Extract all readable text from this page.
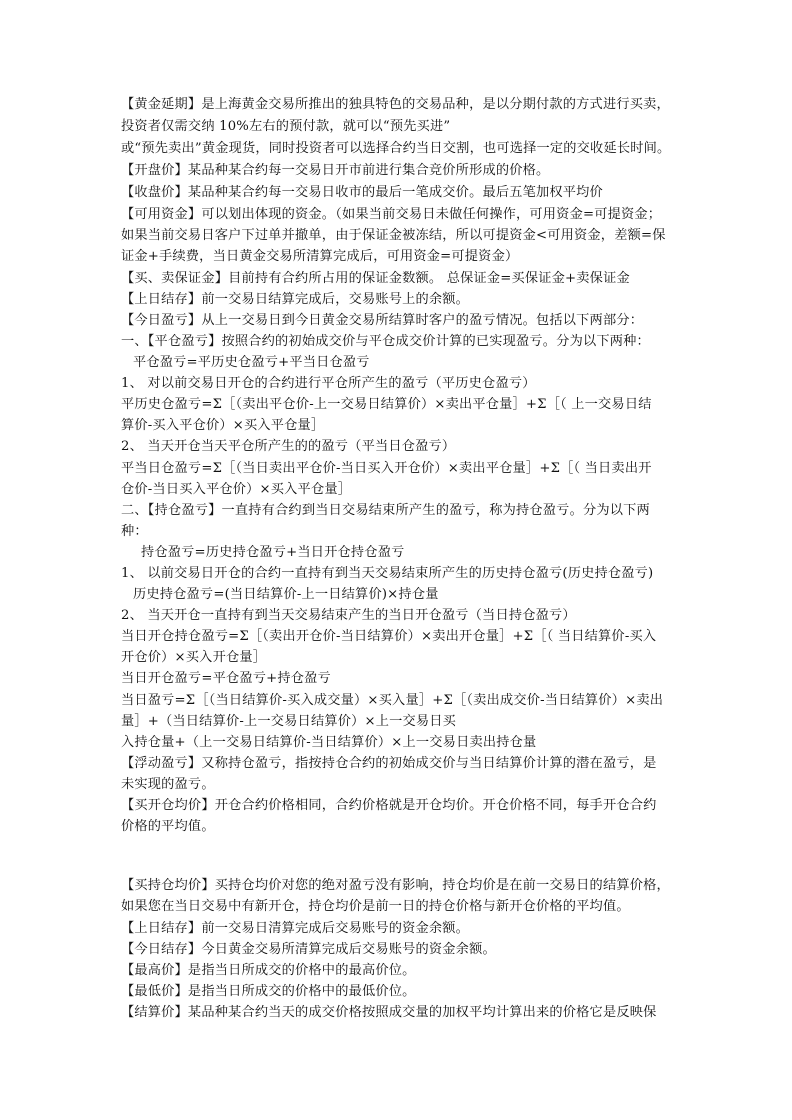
【黄金延期】是上海黄金交易所推出的独具特色的交易品种，是以分期付款的方式进行买卖，
投资者仅需交纳 10%左右的预付款，就可以“预先买进”
或“预先卖出”黄金现货，同时投资者可以选择合约当日交割，也可选择一定的交收延长时间。
【开盘价】某品种某合约每一交易日开市前进行集合竞价所形成的价格。
【收盘价】某品种某合约每一交易日收市的最后一笔成交价。最后五笔加权平均价
【可用资金】可以划出体现的资金。（如果当前交易日未做任何操作，可用资金=可提资金；
如果当前交易日客户下过单并撤单，由于保证金被冻结，所以可提资金<可用资金，差额=保
证金+手续费，当日黄金交易所清算完成后，可用资金=可提资金）
【买、卖保证金】目前持有合约所占用的保证金数额。 总保证金=买保证金+卖保证金
【上日结存】前一交易日结算完成后，交易账号上的余额。
【今日盈亏】从上一交易日到今日黄金交易所结算时客户的盈亏情况。包括以下两部分：
一、【平仓盈亏】按照合约的初始成交价与平仓成交价计算的已实现盈亏。分为以下两种：
平仓盈亏=平历史仓盈亏+平当日仓盈亏
1、 对以前交易日开仓的合约进行平仓所产生的盈亏（平历史仓盈亏）
平历史仓盈亏=Σ［（卖出平仓价-上一交易日结算价）×卖出平仓量］+Σ［（ 上一交易日结
算价-买入平仓价）×买入平仓量］
2、 当天开仓当天平仓所产生的的盈亏（平当日仓盈亏）
平当日仓盈亏=Σ［（当日卖出平仓价-当日买入开仓价）×卖出平仓量］+Σ［（ 当日卖出开
仓价-当日买入平仓价）×买入平仓量］
二、【持仓盈亏】一直持有合约到当日交易结束所产生的盈亏，称为持仓盈亏。分为以下两
种：
持仓盈亏=历史持仓盈亏+当日开仓持仓盈亏
1、 以前交易日开仓的合约一直持有到当天交易结束所产生的历史持仓盈亏(历史持仓盈亏)
历史持仓盈亏=(当日结算价-上一日结算价)×持仓量
2、 当天开仓一直持有到当天交易结束产生的当日开仓盈亏（当日持仓盈亏）
当日开仓持仓盈亏=Σ［（卖出开仓价-当日结算价）×卖出开仓量］+Σ［（ 当日结算价-买入
开仓价）×买入开仓量］
当日开仓盈亏=平仓盈亏+持仓盈亏
当日盈亏=Σ［（当日结算价-买入成交量）×买入量］+Σ［（卖出成交价-当日结算价）×卖出
量］+（当日结算价-上一交易日结算价）×上一交易日买
入持仓量+（上一交易日结算价-当日结算价）×上一交易日卖出持仓量
【浮动盈亏】又称持仓盈亏，指按持仓合约的初始成交价与当日结算价计算的潜在盈亏，是
未实现的盈亏。
【买开仓均价】开仓合约价格相同，合约价格就是开仓均价。开仓价格不同，每手开仓合约
价格的平均值。
【买持仓均价】买持仓均价对您的绝对盈亏没有影响，持仓均价是在前一交易日的结算价格，
如果您在当日交易中有新开仓，持仓均价是前一日的持仓价格与新开仓价格的平均值。
【上日结存】前一交易日清算完成后交易账号的资金余额。
【今日结存】今日黄金交易所清算完成后交易账号的资金余额。
【最高价】是指当日所成交的价格中的最高价位。
【最低价】是指当日所成交的价格中的最低价位。
【结算价】某品种某合约当天的成交价格按照成交量的加权平均计算出来的价格它是反映保
